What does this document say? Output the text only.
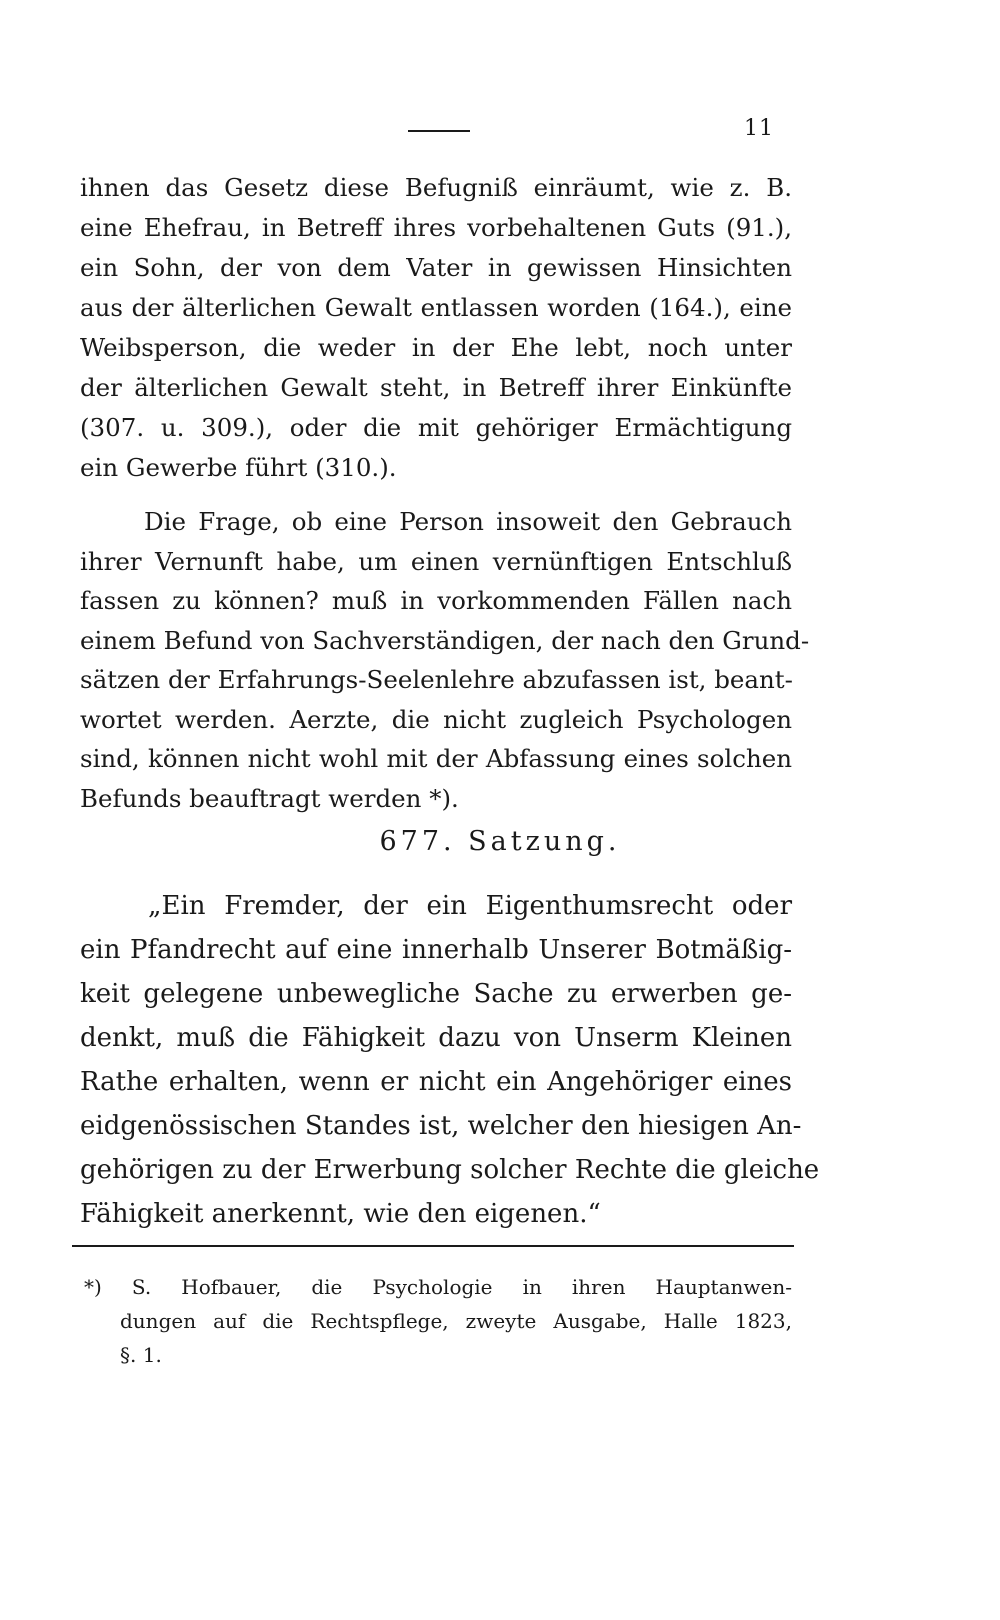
11
ihnen das Gesetz diese Befugniß einräumt, wie z. B.
eine Ehefrau, in Betreff ihres vorbehaltenen Guts (91.),
ein Sohn, der von dem Vater in gewissen Hinsichten
aus der älterlichen Gewalt entlassen worden (164.), eine
Weibsperson, die weder in der Ehe lebt, noch unter
der älterlichen Gewalt steht, in Betreff ihrer Einkünfte
(307. u. 309.), oder die mit gehöriger Ermächtigung
ein Gewerbe führt (310.).
Die Frage, ob eine Person insoweit den Gebrauch
ihrer Vernunft habe, um einen vernünftigen Entschluß
fassen zu können? muß in vorkommenden Fällen nach
einem Befund von Sachverständigen, der nach den Grund-
sätzen der Erfahrungs-Seelenlehre abzufassen ist, beant-
wortet werden. Aerzte, die nicht zugleich Psychologen
sind, können nicht wohl mit der Abfassung eines solchen
Befunds beauftragt werden *).
677. Satzung.
„Ein Fremder, der ein Eigenthumsrecht oder
ein Pfandrecht auf eine innerhalb Unserer Botmäßig-
keit gelegene unbewegliche Sache zu erwerben ge-
denkt, muß die Fähigkeit dazu von Unserm Kleinen
Rathe erhalten, wenn er nicht ein Angehöriger eines
eidgenössischen Standes ist, welcher den hiesigen An-
gehörigen zu der Erwerbung solcher Rechte die gleiche
Fähigkeit anerkennt, wie den eigenen.“
*) S. Hofbauer, die Psychologie in ihren Hauptanwen-
dungen auf die Rechtspflege, zweyte Ausgabe, Halle 1823,
§. 1.
